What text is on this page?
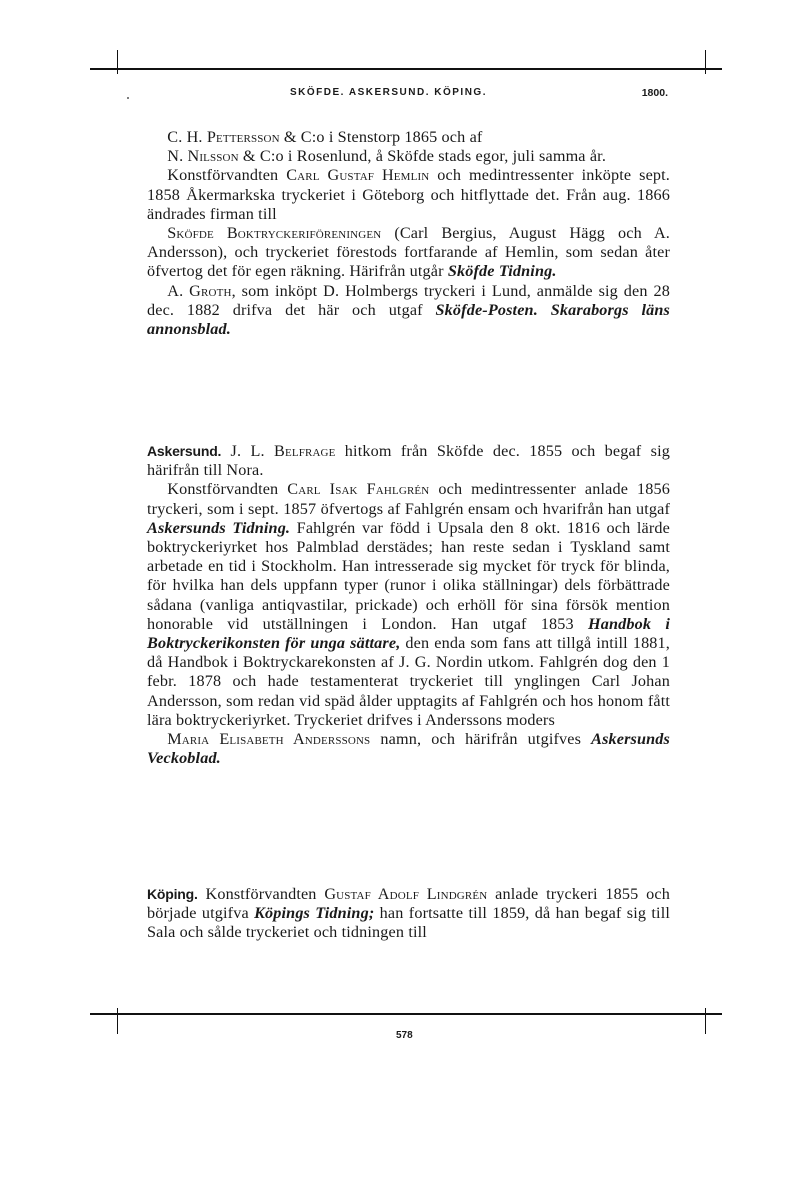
SKÖFDE. ASKERSUND. KÖPING.	1800.

C. H. Pettersson & C:o i Stenstorp 1865 och af

N. Nilsson & C:o i Rosenlund, å Sköfde stads egor, juli samma år.

Konstförvandten Carl Gustaf Hemlin och medintressenter inköpte sept. 1858 Åkermarkska tryckeriet i Göteborg och hitflyttade det. Från aug. 1866 ändrades firman till

Sköfde Boktryckeriföreningen (Carl Bergius, August Hägg och A. Andersson), och tryckeriet förestods fortfarande af Hemlin, som sedan åter öfvertog det för egen räkning. Härifrån utgår Sköfde Tidning.

A. Groth, som inköpt D. Holmbergs tryckeri i Lund, anmälde sig den 28 dec. 1882 drifva det här och utgaf Sköfde-Posten. Skaraborgs läns annonsblad.

Askersund. J. L. Belfrage hitkom från Sköfde dec. 1855 och begaf sig härifrån till Nora.

Konstförvandten Carl Isak Fahlgrén och medintressenter anlade 1856 tryckeri, som i sept. 1857 öfvertogs af Fahlgrén ensam och hvarifrån han utgaf Askersunds Tidning. Fahlgrén var född i Upsala den 8 okt. 1816 och lärde boktryckeriyrket hos Palmblad derstädes; han reste sedan i Tyskland samt arbetade en tid i Stockholm. Han intresserade sig mycket för tryck för blinda, för hvilka han dels uppfann typer (runor i olika ställningar) dels förbättrade sådana (vanliga antiqvastilar, prickade) och erhöll för sina försök mention honorable vid utställningen i London. Han utgaf 1853 Handbok i Boktryckerikonsten för unga sättare, den enda som fans att tillgå intill 1881, då Handbok i Boktryckarekonsten af J. G. Nordin utkom. Fahlgrén dog den 1 febr. 1878 och hade testamenterat tryckeriet till ynglingen Carl Johan Andersson, som redan vid späd ålder upptagits af Fahlgrén och hos honom fått lära boktryckeriyrket. Tryckeriet drifves i Anderssons moders

Maria Elisabeth Anderssons namn, och härifrån utgifves Askersunds Veckoblad.

Köping. Konstförvandten Gustaf Adolf Lindgrén anlade tryckeri 1855 och började utgifva Köpings Tidning; han fortsatte till 1859, då han begaf sig till Sala och sålde tryckeriet och tidningen till

578
